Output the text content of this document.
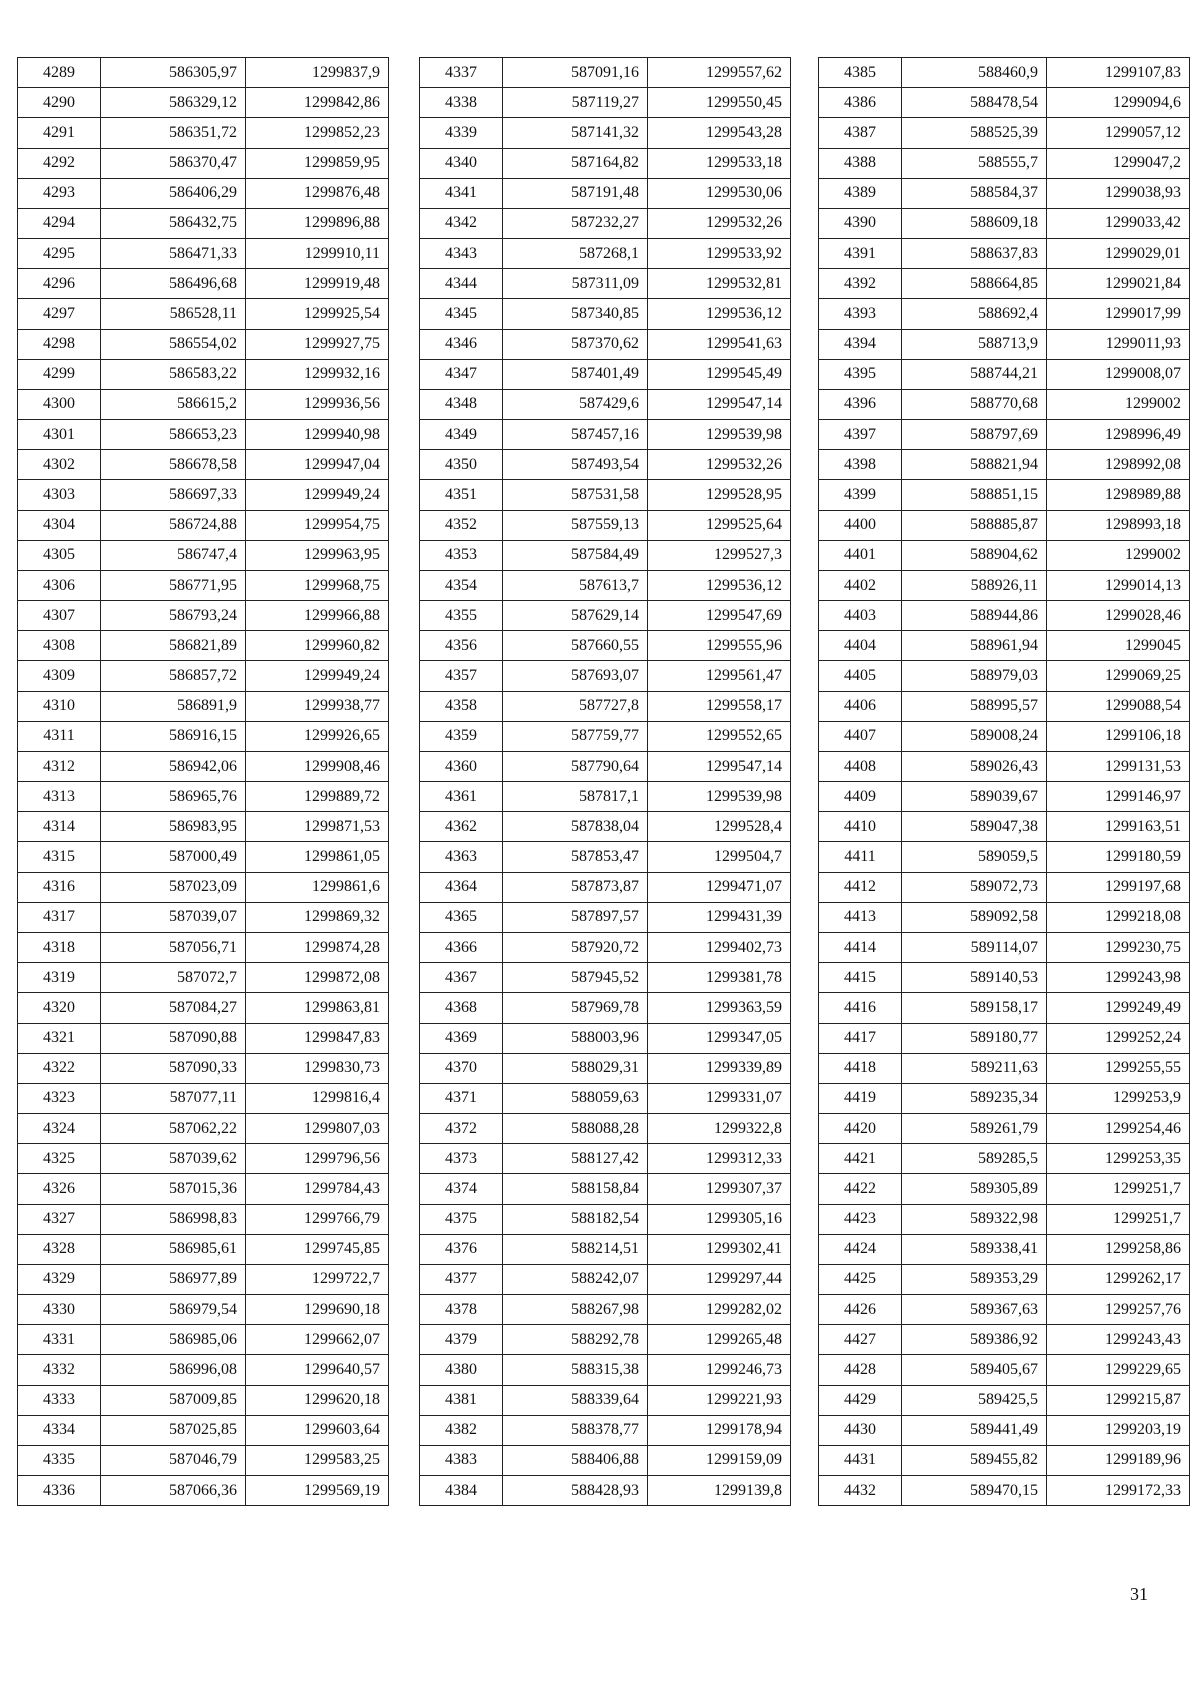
4289	586305,97	1299837,9
4290	586329,12	1299842,86
4291	586351,72	1299852,23
4292	586370,47	1299859,95
4293	586406,29	1299876,48
4294	586432,75	1299896,88
4295	586471,33	1299910,11
4296	586496,68	1299919,48
4297	586528,11	1299925,54
4298	586554,02	1299927,75
4299	586583,22	1299932,16
4300	586615,2	1299936,56
4301	586653,23	1299940,98
4302	586678,58	1299947,04
4303	586697,33	1299949,24
4304	586724,88	1299954,75
4305	586747,4	1299963,95
4306	586771,95	1299968,75
4307	586793,24	1299966,88
4308	586821,89	1299960,82
4309	586857,72	1299949,24
4310	586891,9	1299938,77
4311	586916,15	1299926,65
4312	586942,06	1299908,46
4313	586965,76	1299889,72
4314	586983,95	1299871,53
4315	587000,49	1299861,05
4316	587023,09	1299861,6
4317	587039,07	1299869,32
4318	587056,71	1299874,28
4319	587072,7	1299872,08
4320	587084,27	1299863,81
4321	587090,88	1299847,83
4322	587090,33	1299830,73
4323	587077,11	1299816,4
4324	587062,22	1299807,03
4325	587039,62	1299796,56
4326	587015,36	1299784,43
4327	586998,83	1299766,79
4328	586985,61	1299745,85
4329	586977,89	1299722,7
4330	586979,54	1299690,18
4331	586985,06	1299662,07
4332	586996,08	1299640,57
4333	587009,85	1299620,18
4334	587025,85	1299603,64
4335	587046,79	1299583,25
4336	587066,36	1299569,19
4337	587091,16	1299557,62
4338	587119,27	1299550,45
4339	587141,32	1299543,28
4340	587164,82	1299533,18
4341	587191,48	1299530,06
4342	587232,27	1299532,26
4343	587268,1	1299533,92
4344	587311,09	1299532,81
4345	587340,85	1299536,12
4346	587370,62	1299541,63
4347	587401,49	1299545,49
4348	587429,6	1299547,14
4349	587457,16	1299539,98
4350	587493,54	1299532,26
4351	587531,58	1299528,95
4352	587559,13	1299525,64
4353	587584,49	1299527,3
4354	587613,7	1299536,12
4355	587629,14	1299547,69
4356	587660,55	1299555,96
4357	587693,07	1299561,47
4358	587727,8	1299558,17
4359	587759,77	1299552,65
4360	587790,64	1299547,14
4361	587817,1	1299539,98
4362	587838,04	1299528,4
4363	587853,47	1299504,7
4364	587873,87	1299471,07
4365	587897,57	1299431,39
4366	587920,72	1299402,73
4367	587945,52	1299381,78
4368	587969,78	1299363,59
4369	588003,96	1299347,05
4370	588029,31	1299339,89
4371	588059,63	1299331,07
4372	588088,28	1299322,8
4373	588127,42	1299312,33
4374	588158,84	1299307,37
4375	588182,54	1299305,16
4376	588214,51	1299302,41
4377	588242,07	1299297,44
4378	588267,98	1299282,02
4379	588292,78	1299265,48
4380	588315,38	1299246,73
4381	588339,64	1299221,93
4382	588378,77	1299178,94
4383	588406,88	1299159,09
4384	588428,93	1299139,8
4385	588460,9	1299107,83
4386	588478,54	1299094,6
4387	588525,39	1299057,12
4388	588555,7	1299047,2
4389	588584,37	1299038,93
4390	588609,18	1299033,42
4391	588637,83	1299029,01
4392	588664,85	1299021,84
4393	588692,4	1299017,99
4394	588713,9	1299011,93
4395	588744,21	1299008,07
4396	588770,68	1299002
4397	588797,69	1298996,49
4398	588821,94	1298992,08
4399	588851,15	1298989,88
4400	588885,87	1298993,18
4401	588904,62	1299002
4402	588926,11	1299014,13
4403	588944,86	1299028,46
4404	588961,94	1299045
4405	588979,03	1299069,25
4406	588995,57	1299088,54
4407	589008,24	1299106,18
4408	589026,43	1299131,53
4409	589039,67	1299146,97
4410	589047,38	1299163,51
4411	589059,5	1299180,59
4412	589072,73	1299197,68
4413	589092,58	1299218,08
4414	589114,07	1299230,75
4415	589140,53	1299243,98
4416	589158,17	1299249,49
4417	589180,77	1299252,24
4418	589211,63	1299255,55
4419	589235,34	1299253,9
4420	589261,79	1299254,46
4421	589285,5	1299253,35
4422	589305,89	1299251,7
4423	589322,98	1299251,7
4424	589338,41	1299258,86
4425	589353,29	1299262,17
4426	589367,63	1299257,76
4427	589386,92	1299243,43
4428	589405,67	1299229,65
4429	589425,5	1299215,87
4430	589441,49	1299203,19
4431	589455,82	1299189,96
4432	589470,15	1299172,33
31
